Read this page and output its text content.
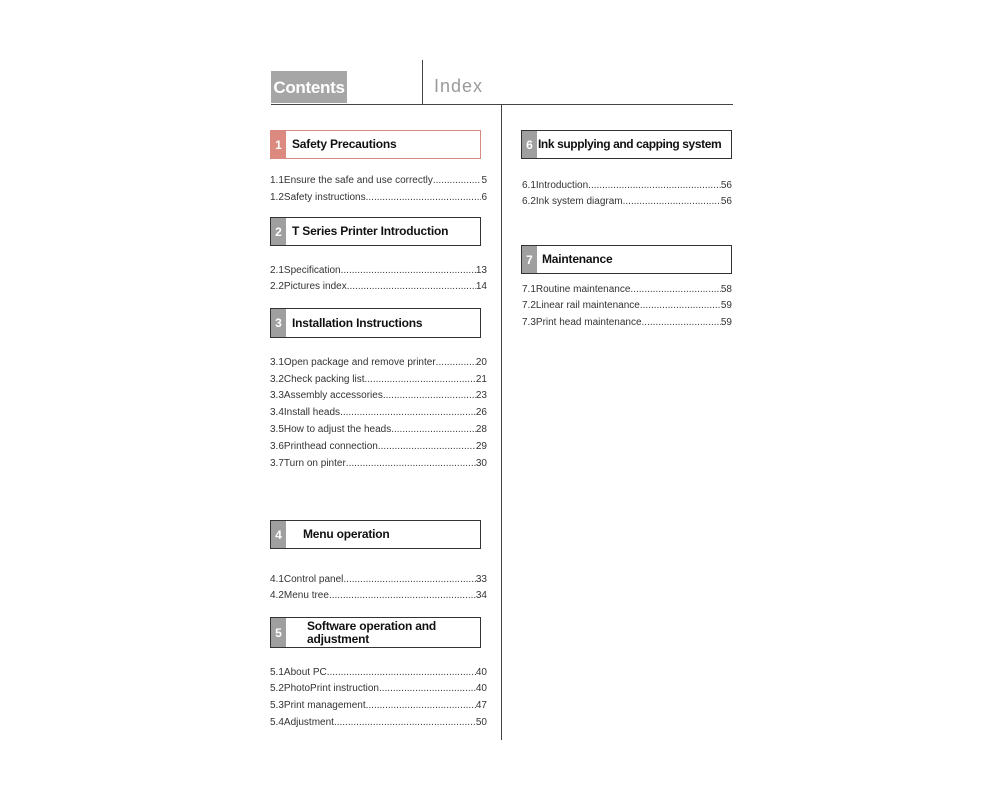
Contents	Index
1 Safety Precautions
1.1Ensure the safe and use correctly .....	5
1.2Safety instructions .....	6
2 T Series Printer Introduction
2.1Specification .....	13
2.2Pictures index .....	14
3 Installation Instructions
3.1Open package and remove printer .....	20
3.2Check packing list .....	21
3.3Assembly accessories .....	23
3.4Install heads .....	26
3.5How to adjust the heads .....	28
3.6Printhead connection .....	29
3.7Turn on pinter .....	30
4	Menu operation
4.1Control panel .....	33
4.2Menu tree .....	34
5	Software operation and
adjustment
5.1About PC .....	40
5.2PhotoPrint instruction .....	40
5.3Print management .....	47
5.4Adjustment .....	50
6 Ink supplying and capping system
6.1Introduction .....	56
6.2Ink system diagram .....	56
7 Maintenance
7.1Routine maintenance .....	58
7.2Linear rail maintenance .....	59
7.3Print head maintenance .....	59
